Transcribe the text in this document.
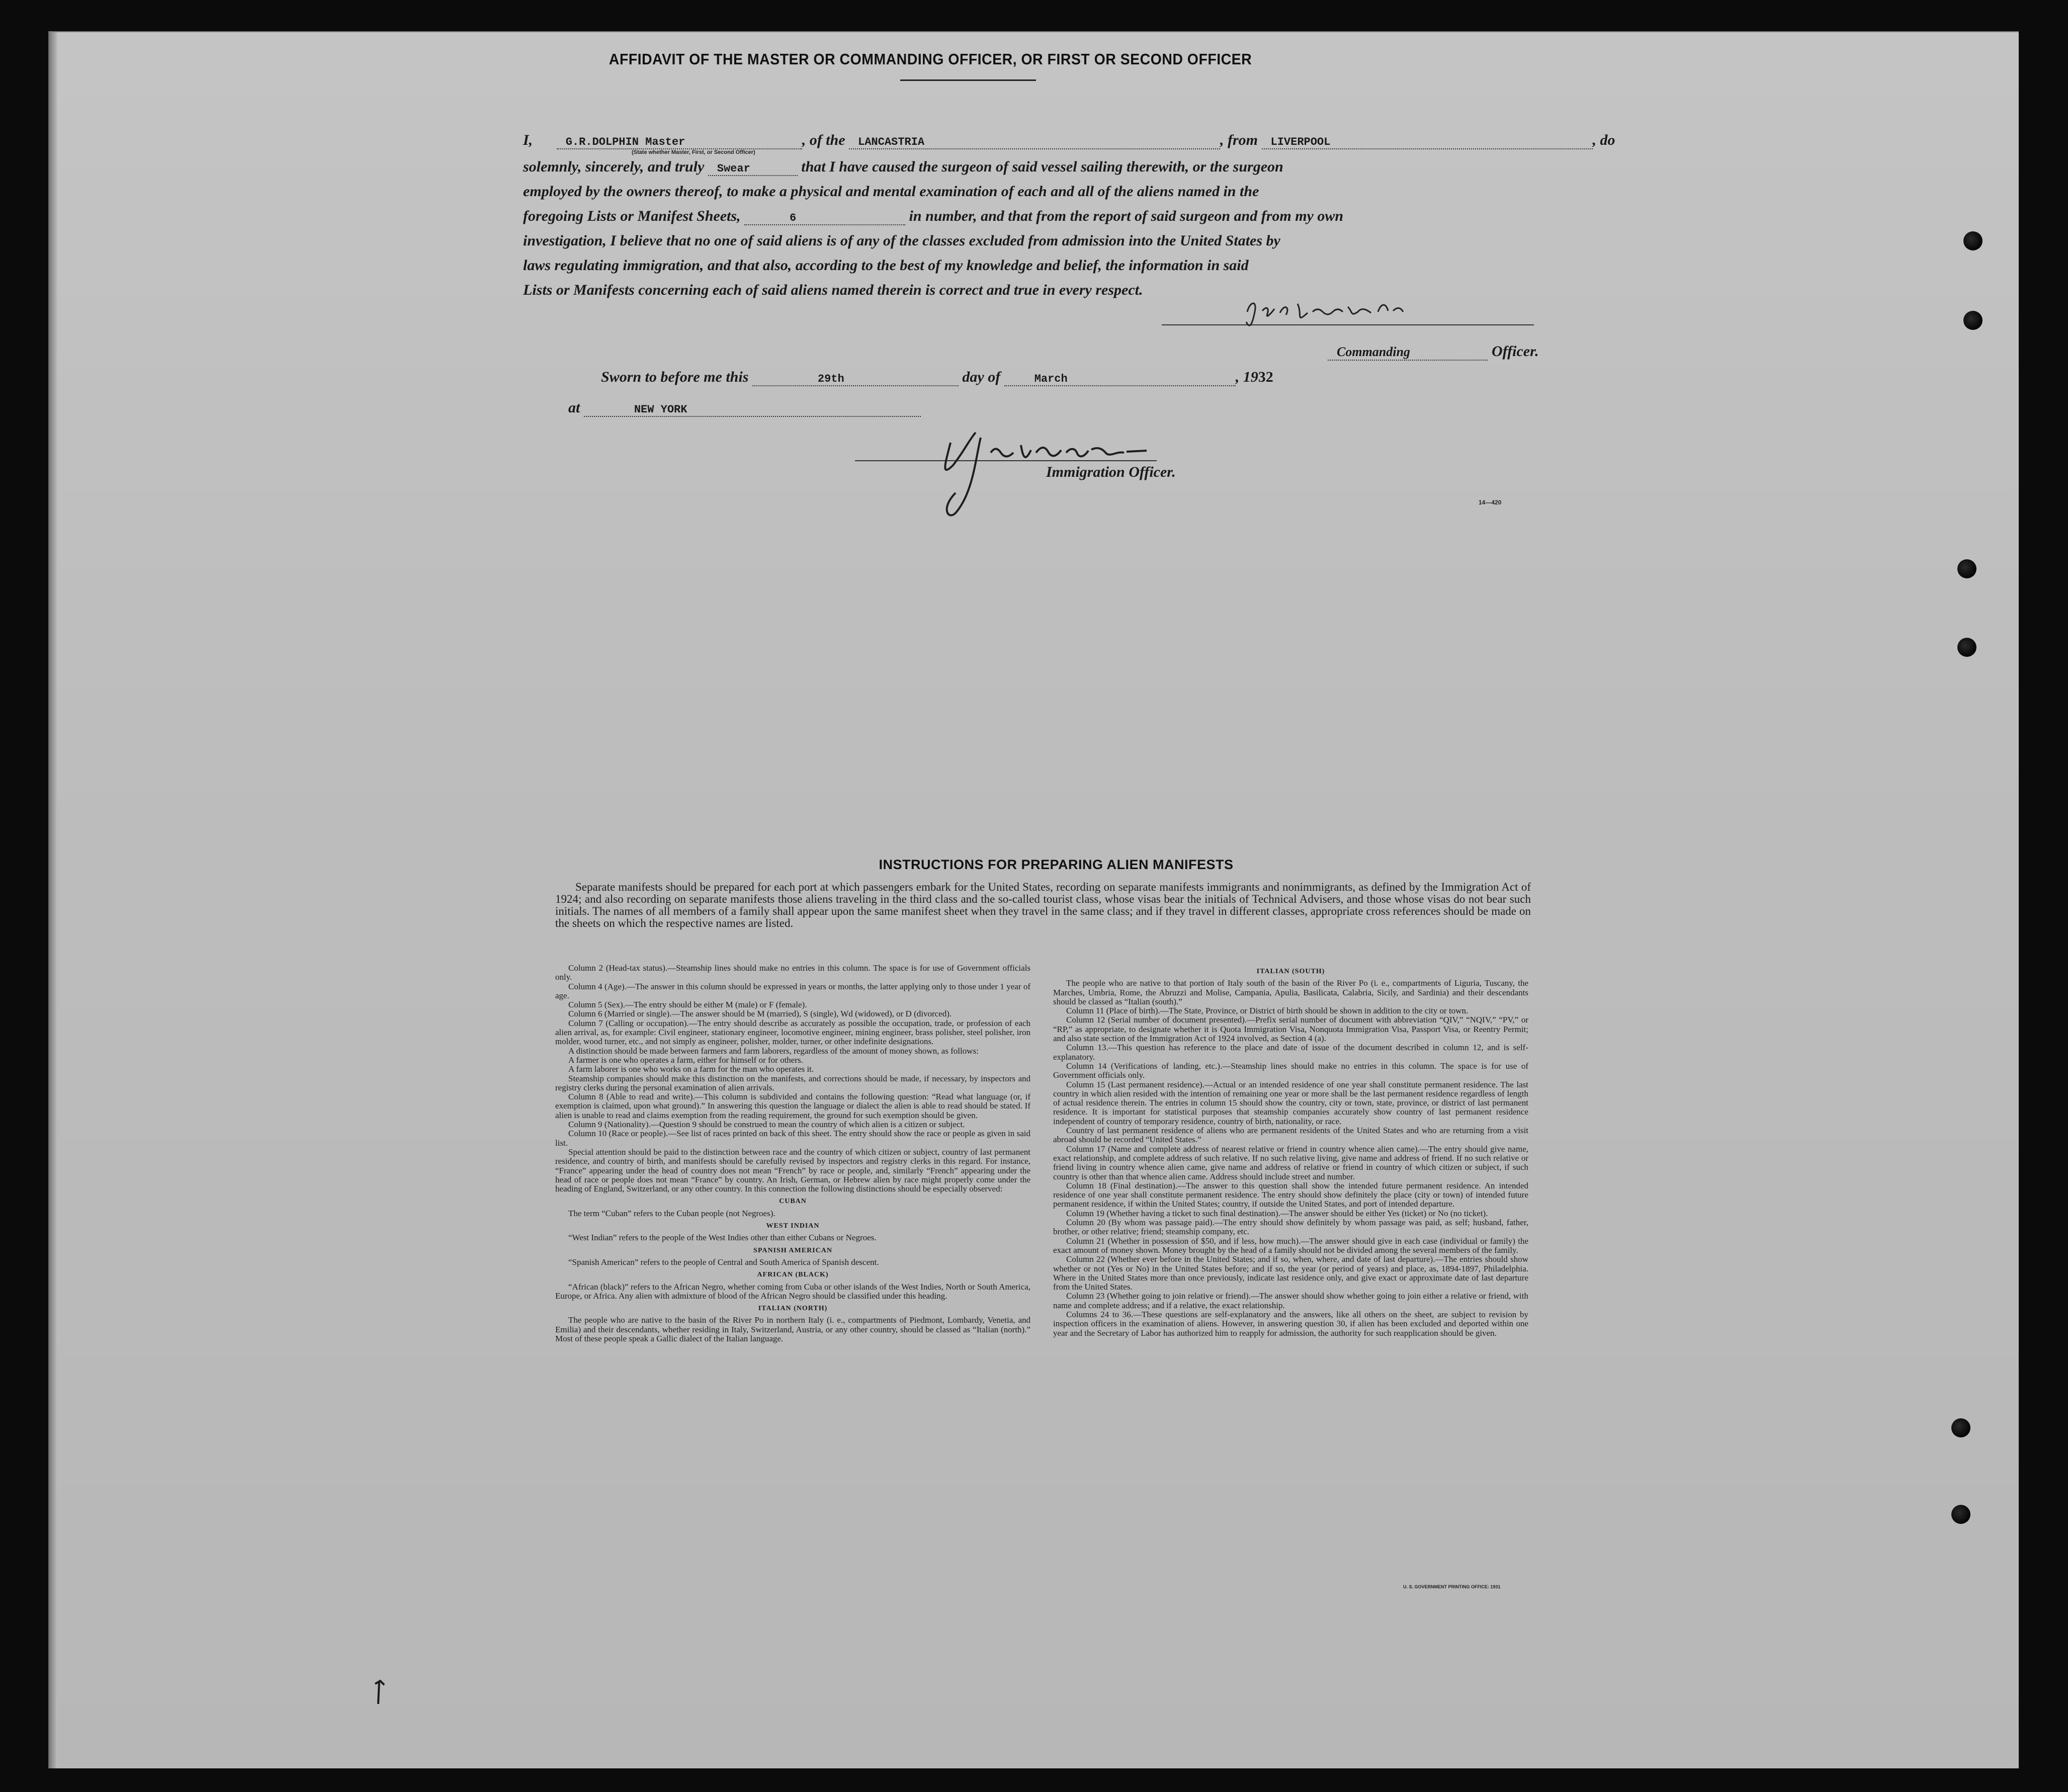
AFFIDAVIT OF THE MASTER OR COMMANDING OFFICER, OR FIRST OR SECOND OFFICER
I,	G.R.DOLPHIN Master	, of the LANCASTRIA	, from LIVERPOOL	, do
(State whether Master, First, or Second Officer)
solemnly, sincerely, and truly Swear	that I have caused the surgeon of said vessel sailing therewith, or the surgeon
employed by the owners thereof, to make a physical and mental examination of each and all of the aliens named in the
foregoing Lists or Manifest Sheets,	6	in number, and that from the report of said surgeon and from my own
investigation, I believe that no one of said aliens is of any of the classes excluded from admission into the United States by
laws regulating immigration, and that also, according to the best of my knowledge and belief, the information in said
Lists or Manifests concerning each of said aliens named therein is correct and true in every respect.
Commanding	Officer.
Sworn to before me this	29th	day of	March	, 1932
at	NEW YORK
Immigration Officer.
14—420
INSTRUCTIONS FOR PREPARING ALIEN MANIFESTS
Separate manifests should be prepared for each port at which passengers embark for the United States, recording on separate manifests immigrants and nonimmigrants, as defined by the Immigration Act of 1924; and also recording on separate manifests those aliens traveling in the third class and the so-called tourist class, whose visas bear the initials of Technical Advisers, and those whose visas do not bear such initials. The names of all members of a family shall appear upon the same manifest sheet when they travel in the same class; and if they travel in different classes, appropriate cross references should be made on the sheets on which the respective names are listed.

Column 2 (Head-tax status).—Steamship lines should make no entries in this column. The space is for use of Government officials only.

Column 4 (Age).—The answer in this column should be expressed in years or months, the latter applying only to those under 1 year of age.

Column 5 (Sex).—The entry should be either M (male) or F (female).

Column 6 (Married or single).—The answer should be M (married), S (single), Wd (widowed), or D (divorced).

Column 7 (Calling or occupation).—The entry should describe as accurately as possible the occupation, trade, or profession of each alien arrival, as, for example: Civil engineer, stationary engineer, locomotive engineer, mining engineer, brass polisher, steel polisher, iron molder, wood turner, etc., and not simply as engineer, polisher, molder, turner, or other indefinite designations.

A distinction should be made between farmers and farm laborers, regardless of the amount of money shown, as follows:

A farmer is one who operates a farm, either for himself or for others.

A farm laborer is one who works on a farm for the man who operates it.

Steamship companies should make this distinction on the manifests, and corrections should be made, if necessary, by inspectors and registry clerks during the personal examination of alien arrivals.

Column 8 (Able to read and write).—This column is subdivided and contains the following question: “Read what language (or, if exemption is claimed, upon what ground).” In answering this question the language or dialect the alien is able to read should be stated. If alien is unable to read and claims exemption from the reading requirement, the ground for such exemption should be given.

Column 9 (Nationality).—Question 9 should be construed to mean the country of which alien is a citizen or subject.

Column 10 (Race or people).—See list of races printed on back of this sheet. The entry should show the race or people as given in said list.

Special attention should be paid to the distinction between race and the country of which citizen or subject, country of last permanent residence, and country of birth, and manifests should be carefully revised by inspectors and registry clerks in this regard. For instance, “France” appearing under the head of country does not mean “French” by race or people, and, similarly “French” appearing under the head of race or people does not mean “France” by country. An Irish, German, or Hebrew alien by race might properly come under the heading of England, Switzerland, or any other country. In this connection the following distinctions should be especially observed:

CUBAN

The term “Cuban” refers to the Cuban people (not Negroes).

WEST INDIAN

“West Indian” refers to the people of the West Indies other than either Cubans or Negroes.

SPANISH AMERICAN

“Spanish American” refers to the people of Central and South America of Spanish descent.

AFRICAN (BLACK)

“African (black)” refers to the African Negro, whether coming from Cuba or other islands of the West Indies, North or South America, Europe, or Africa. Any alien with admixture of blood of the African Negro should be classified under this heading.

ITALIAN (NORTH)

The people who are native to the basin of the River Po in northern Italy (i. e., compartments of Piedmont, Lombardy, Venetia, and Emilia) and their descendants, whether residing in Italy, Switzerland, Austria, or any other country, should be classed as “Italian (north).” Most of these people speak a Gallic dialect of the Italian language.

ITALIAN (SOUTH)

The people who are native to that portion of Italy south of the basin of the River Po (i. e., compartments of Liguria, Tuscany, the Marches, Umbria, Rome, the Abruzzi and Molise, Campania, Apulia, Basilicata, Calabria, Sicily, and Sardinia) and their descendants should be classed as “Italian (south).”

Column 11 (Place of birth).—The State, Province, or District of birth should be shown in addition to the city or town.

Column 12 (Serial number of document presented).—Prefix serial number of document with abbreviation “QIV,” “NQIV,” “PV,” or “RP,” as appropriate, to designate whether it is Quota Immigration Visa, Nonquota Immigration Visa, Passport Visa, or Reentry Permit; and also state section of the Immigration Act of 1924 involved, as Section 4 (a).

Column 13.—This question has reference to the place and date of issue of the document described in column 12, and is self-explanatory.

Column 14 (Verifications of landing, etc.).—Steamship lines should make no entries in this column. The space is for use of Government officials only.

Column 15 (Last permanent residence).—Actual or an intended residence of one year shall constitute permanent residence. The last country in which alien resided with the intention of remaining one year or more shall be the last permanent residence regardless of length of actual residence therein. The entries in column 15 should show the country, city or town, state, province, or district of last permanent residence. It is important for statistical purposes that steamship companies accurately show country of last permanent residence independent of country of temporary residence, country of birth, nationality, or race.

Country of last permanent residence of aliens who are permanent residents of the United States and who are returning from a visit abroad should be recorded “United States.”

Column 17 (Name and complete address of nearest relative or friend in country whence alien came).—The entry should give name, exact relationship, and complete address of such relative. If no such relative living, give name and address of friend. If no such relative or friend living in country whence alien came, give name and address of relative or friend in country of which citizen or subject, if such country is other than that whence alien came. Address should include street and number.

Column 18 (Final destination).—The answer to this question shall show the intended future permanent residence. An intended residence of one year shall constitute permanent residence. The entry should show definitely the place (city or town) of intended future permanent residence, if within the United States; country, if outside the United States, and port of intended departure.

Column 19 (Whether having a ticket to such final destination).—The answer should be either Yes (ticket) or No (no ticket).

Column 20 (By whom was passage paid).—The entry should show definitely by whom passage was paid, as self; husband, father, brother, or other relative; friend; steamship company, etc.

Column 21 (Whether in possession of $50, and if less, how much).—The answer should give in each case (individual or family) the exact amount of money shown. Money brought by the head of a family should not be divided among the several members of the family.

Column 22 (Whether ever before in the United States; and if so, when, where, and date of last departure).—The entries should show whether or not (Yes or No) in the United States before; and if so, the year (or period of years) and place, as, 1894-1897, Philadelphia. Where in the United States more than once previously, indicate last residence only, and give exact or approximate date of last departure from the United States.

Column 23 (Whether going to join relative or friend).—The answer should show whether going to join either a relative or friend, with name and complete address; and if a relative, the exact relationship.

Columns 24 to 36.—These questions are self-explanatory and the answers, like all others on the sheet, are subject to revision by inspection officers in the examination of aliens. However, in answering question 30, if alien has been excluded and deported within one year and the Secretary of Labor has authorized him to reapply for admission, the authority for such reapplication should be given.

U. S. GOVERNMENT PRINTING OFFICE: 1931
